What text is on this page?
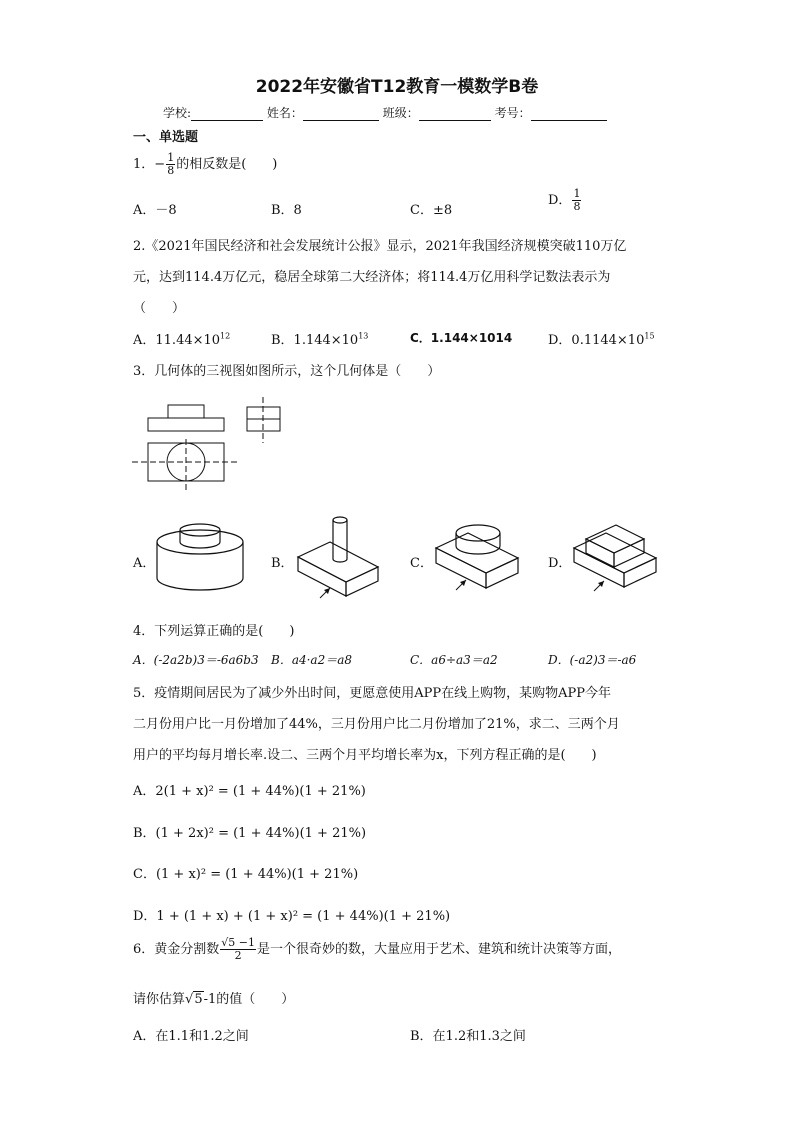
2022年安徽省T12教育一模数学B卷
学校:	姓名：	班级：	考号：
一、单选题
1．− $\frac{1}{8}$ 的相反数是(　　)
A．－8	B．8	C．±8
D． $\frac{1}{8}$
2.《2021年国民经济和社会发展统计公报》显示，2021年我国经济规模突破110万亿
元，达到114.4万亿元，稳居全球第二大经济体；将114.4万亿用科学记数法表示为
（　　）
A．$11.44\times 10^{12}$	B．$1.144\times 10^{13}$	C．1.144×1014	D．$0.1144\times 10^{15}$
3．几何体的三视图如图所示，这个几何体是（　　）
A．	B．	C．	D．
4．下列运算正确的是(　　)
A．(-2a2b)3＝-6a6b3 B．a4·a2＝a8	C．a6÷a3＝a2	D．(-a2)3＝-a6
5．疫情期间居民为了减少外出时间，更愿意使用APP在线上购物，某购物APP今年
二月份用户比一月份增加了44%，三月份用户比二月份增加了21%，求二、三两个月
用户的平均每月增长率.设二、三两个月平均增长率为x，下列方程正确的是(　　)
A．2(1 + x)² = (1 + 44%)(1 + 21%)
B．(1 + 2x)² = (1 + 44%)(1 + 21%)
C．(1 + x)² = (1 + 44%)(1 + 21%)
D．1 + (1 + x) + (1 + x)² = (1 + 44%)(1 + 21%)
6．黄金分割数 $\frac{√5 -1}{2}$ 是一个很奇妙的数，大量应用于艺术、建筑和统计决策等方面，
请你估算√5-1的值（　　）
A．在1.1和1.2之间	B．在1.2和1.3之间
